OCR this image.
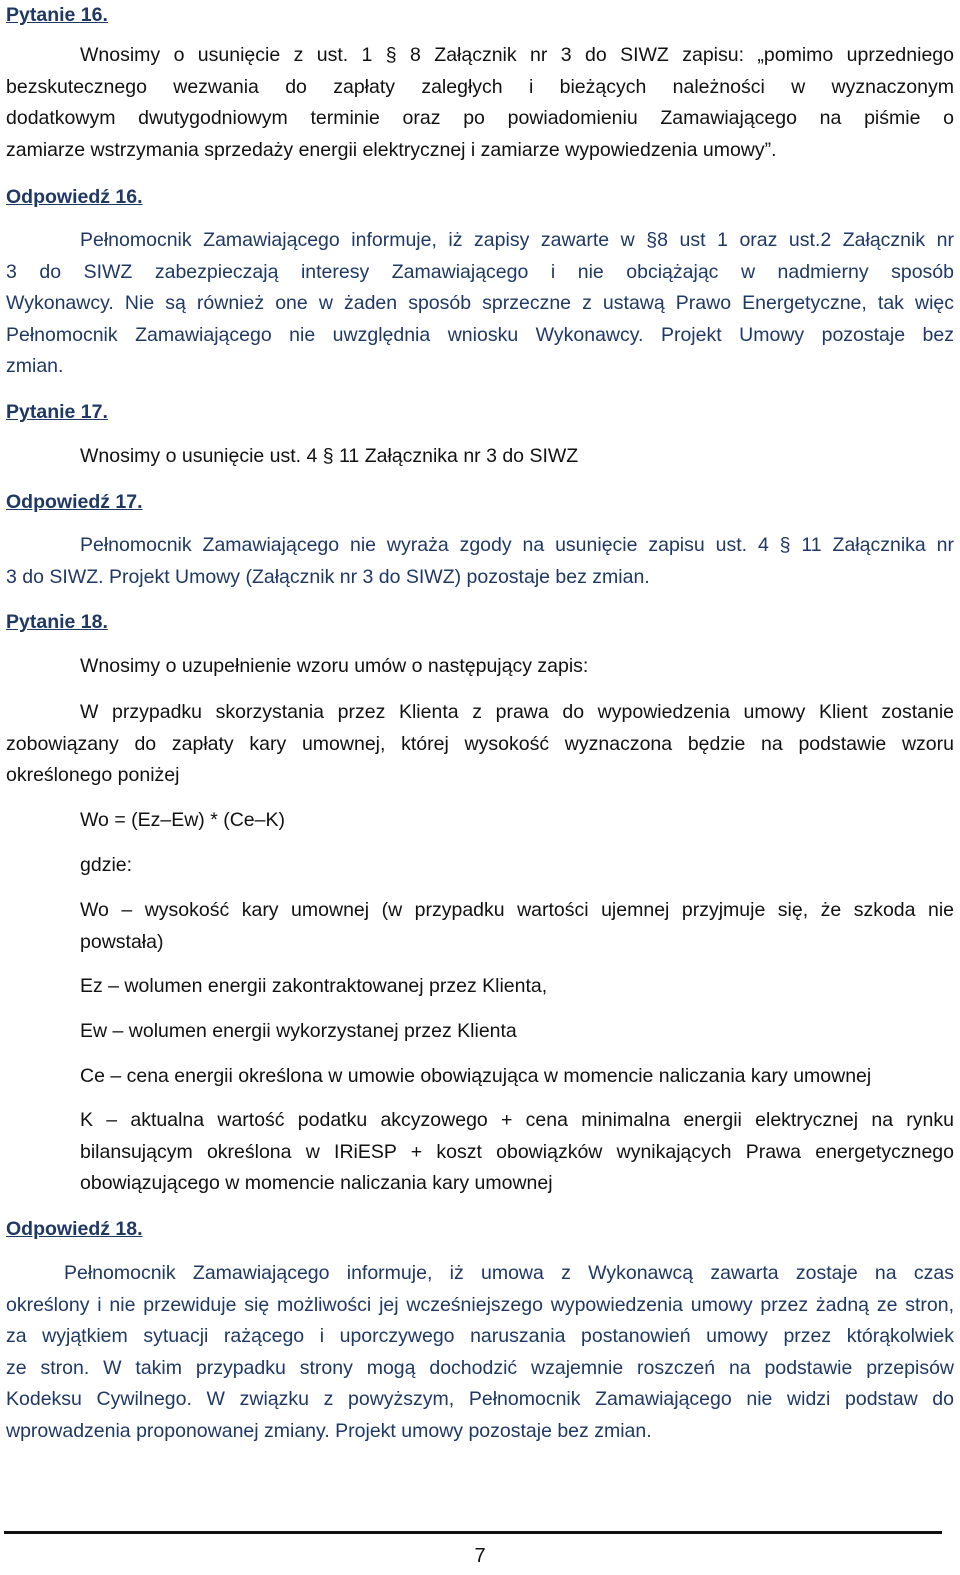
Pytanie 16.
Wnosimy o usunięcie z ust. 1 § 8 Załącznik nr 3 do SIWZ zapisu: „pomimo uprzedniego
bezskutecznego wezwania do zapłaty zaległych i bieżących należności w wyznaczonym
dodatkowym dwutygodniowym terminie oraz po powiadomieniu Zamawiającego na piśmie o
zamiarze wstrzymania sprzedaży energii elektrycznej i zamiarze wypowiedzenia umowy”.
Odpowiedź 16.
Pełnomocnik Zamawiającego informuje, iż zapisy zawarte w §8 ust 1 oraz ust.2 Załącznik nr
3 do SIWZ zabezpieczają interesy Zamawiającego i nie obciążając w nadmierny sposób
Wykonawcy. Nie są również one w żaden sposób sprzeczne z ustawą Prawo Energetyczne, tak więc
Pełnomocnik Zamawiającego nie uwzględnia wniosku Wykonawcy. Projekt Umowy pozostaje bez
zmian.
Pytanie 17.
Wnosimy o usunięcie ust. 4 § 11 Załącznika nr 3 do SIWZ
Odpowiedź 17.
Pełnomocnik Zamawiającego nie wyraża zgody na usunięcie zapisu ust. 4 § 11 Załącznika nr
3 do SIWZ. Projekt Umowy (Załącznik nr 3 do SIWZ) pozostaje bez zmian.
Pytanie 18.
Wnosimy o uzupełnienie wzoru umów o następujący zapis:
W przypadku skorzystania przez Klienta z prawa do wypowiedzenia umowy Klient zostanie
zobowiązany do zapłaty kary umownej, której wysokość wyznaczona będzie na podstawie wzoru
określonego poniżej
Wo = (Ez–Ew) * (Ce–K)
gdzie:
Wo – wysokość kary umownej (w przypadku wartości ujemnej przyjmuje się, że szkoda nie
powstała)
Ez – wolumen energii zakontraktowanej przez Klienta,
Ew – wolumen energii wykorzystanej przez Klienta
Ce – cena energii określona w umowie obowiązująca w momencie naliczania kary umownej
K – aktualna wartość podatku akcyzowego + cena minimalna energii elektrycznej na rynku
bilansującym określona w IRiESP + koszt obowiązków wynikających Prawa energetycznego
obowiązującego w momencie naliczania kary umownej
Odpowiedź 18.
Pełnomocnik Zamawiającego informuje, iż umowa z Wykonawcą zawarta zostaje na czas
określony i nie przewiduje się możliwości jej wcześniejszego wypowiedzenia umowy przez żadną ze stron,
za wyjątkiem sytuacji rażącego i uporczywego naruszania postanowień umowy przez którąkolwiek
ze stron. W takim przypadku strony mogą dochodzić wzajemnie roszczeń na podstawie przepisów
Kodeksu Cywilnego. W związku z powyższym, Pełnomocnik Zamawiającego nie widzi podstaw do
wprowadzenia proponowanej zmiany. Projekt umowy pozostaje bez zmian.
7
